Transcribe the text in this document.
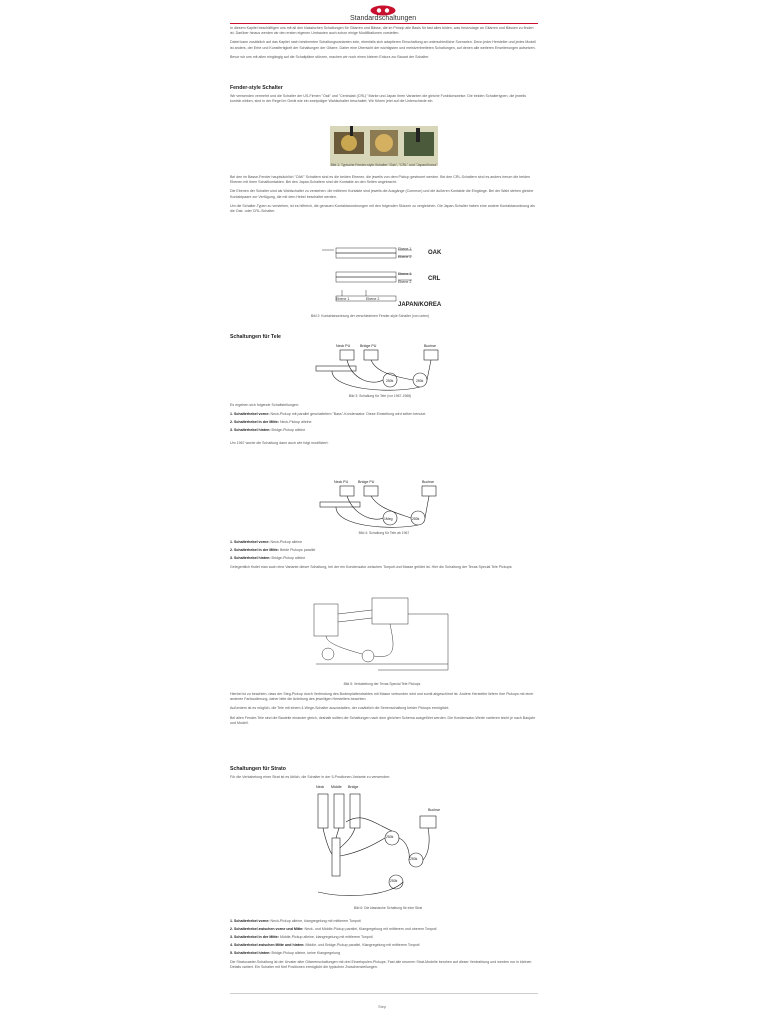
Standardschaltungen

In diesem Kapitel beschäftigen uns mit all den klassischen Schaltungen für Gitarren und Bässe, die im Prinzip alle Basis für fast alles bilden, was heutzutage an Gitarren und Bässen zu finden ist. Darüber hinaus werden wir den ersten eigenen Umbauten auch schon einige Modifikationen vorstellen.

Dabei kann zusätzlich auf das Kapitel nach bestimmten Schaltungsvarianten sein, ebenfalls sich adaptieren Einschaltung an unterschiedliche Szenarien. Denn jeder Hersteller und jedes Modell ist anders, der Erbe und Kunstfertigkeit der Schaltungen der Gitarre. Daher eine Übersicht der wichtigsten und meistverbreiteten Schaltungen, auf denen alle weiteren Erweiterungen aufsetzen.

Bevor wir uns mit allen eingängig auf die Schaltpläne stürzen, machen wir noch einen kleinen Exkurs zur Bauart der Schalter.

Fender-style Schalter

Wir verwenden vermehrt und die Schalter der US-Firmen "Oak" und "Centralab (CRL)" Marke und Japan ihren Varianten die gleiche Funktionsweise. Die beiden Schaltertypen, die jeweils konträr wirken, sind in der Regel im Gerät wie ein zweipoliger Wahlschalter beschaltet. Wir führen jetzt auf die Unterschiede ein.

Bild 1: Typische Fender-style Schalter "Oak", "CRL" und "Japan/Korea"

Bei den im Basse-Fender hauptsächlich "OAK" Schaltern sind es die beiden Ebenen, die jeweils von dem Pickup gesteuert werden. Bei den CRL-Schaltern sind es anders herum die beiden Ebenen mit ihren Schaltkontakten. Bei den Japan-Schaltern sind die Kontakte an den Seiten angebracht.

Die Ebenen der Schalter sind als Wahlschalter zu verstehen: die mittleren Kontakte sind jeweils die Ausgänge (Common) und die äußeren Kontakte die Eingänge. Bei der Wahl stehen gleiche Kontaktpaare zur Verfügung, die mit dem Hebel beschaltet werden.

Um die Schalter-Typen zu verstehen, ist es hilfreich, die genauen Kontaktanordnungen mit den folgenden Skizzen zu vergleichen. Die Japan-Schalter haben eine andere Kontaktanordnung als die Oak- oder CRL-Schalter.

Ebene 1
Ebene 2
OAK
Ebene 1
Ebene 2	CRL
Ebene 1	Ebene 2
JAPAN/KOREA
Bild 2: Kontaktanordnung der verschiedenen Fender-style Schalter (von unten)
Schaltungen für Tele
Neck PU	Bridge PU	Buchse
250k	250k
Bild 3: Schaltung für Tele (vor 1967-1968)

Es ergeben sich folgende Schaltstellungen:

1. Schalterhebel vorne: Neck-Pickup mit parallel geschaltetem "Bass"-Kondensator. Diese Einstellung wird selten benutzt.
2. Schalterhebel in der Mitte: Neck-Pickup alleine
3. Schalterhebel hinten: Bridge-Pickup alleine

Um 1967 wurde die Schaltung dann auch wie folgt modifiziert:

Neck PU	Bridge PU	Buchse
1Meg	250k
Bild 4: Schaltung für Tele ab 1967
1. Schalterhebel vorne: Neck-Pickup alleine
2. Schalterhebel in der Mitte: Beide Pickups parallel
3. Schalterhebel hinten: Bridge-Pickup alleine

Gelegentlich findet man auch eine Variante dieser Schaltung, bei der ein Kondensator zwischen Tonpoti und Masse gelötet ist. Hier die Schaltung der Texas Special Tele Pickups:

Bild 5: Verkabelung der Texas Special Tele Pickups

Hierbei ist zu beachten, dass der Steg-Pickup durch Verbindung des Bodenplattendrahtes mit Masse verbunden wird und somit abgeschirmt ist. Andere Hersteller liefern ihre Pickups mit einer anderen Farbcodierung, daher bitte die Anleitung des jeweiligen Herstellers beachten.

Außerdem ist es möglich, die Tele mit einem 4-Wege-Schalter auszustatten, der zusätzlich die Serienschaltung beider Pickups ermöglicht.

Bei allen Fender-Tele sind die Bauteile einander gleich, deshalb sollten die Schaltungen nach dem gleichen Schema ausgeführt werden. Die Kondensator-Werte variieren leicht je nach Baujahr und Modell.

Schaltungen für Strato

Für die Verkabelung einer Strat ist es üblich, die Schalter in der 5-Positionen-Variante zu verwenden:

Neck Middle Bridge
Buchse
250k
250k
250k
Bild 6: Die klassische Schaltung für eine Strat
1. Schalterhebel vorne: Neck-Pickup alleine, klangregelung mit mittlerem Tonpoti
2. Schalterhebel zwischen vorne und Mitte: Neck- und Middle-Pickup parallel, Klangregelung mit mittlerem und oberem Tonpoti
3. Schalterhebel in der Mitte: Middle-Pickup alleine, klangregelung mit mittlerem Tonpoti
4. Schalterhebel zwischen Mitte und hinten: Middle- und Bridge-Pickup parallel, Klangregelung mit mittlerem Tonpoti
5. Schalterhebel hinten: Bridge-Pickup alleine, keine Klangregelung

Die Stratocaster-Schaltung ist der Urvater aller Gitarrenschaltungen mit drei Einzelspulen-Pickups. Fast alle neueren Strat-Modelle beruhen auf dieser Verdrahtung und werden nur in kleinen Details variiert. Ein Schalter mit fünf Positionen ermöglicht die typischen Zwischenstellungen.

Step
